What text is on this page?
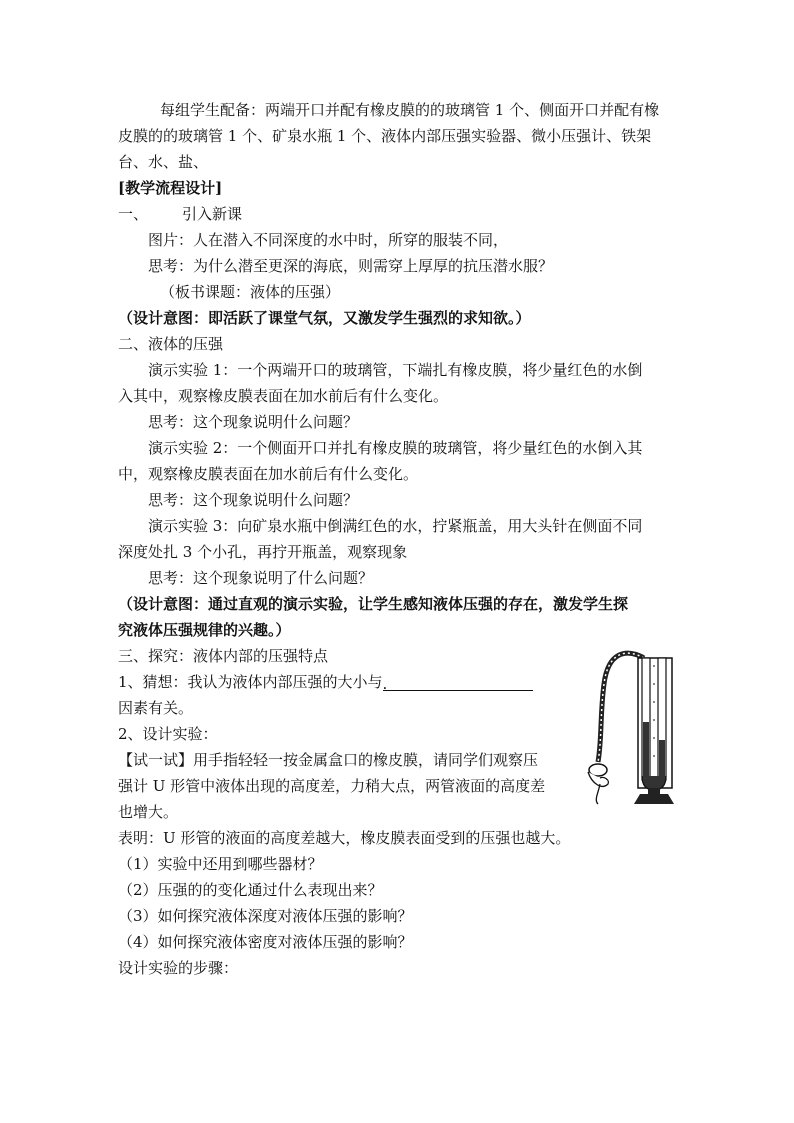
每组学生配备：两端开口并配有橡皮膜的的玻璃管 1 个、侧面开口并配有橡
皮膜的的玻璃管 1 个、矿泉水瓶 1 个、液体内部压强实验器、微小压强计、铁架
台、水、盐、
[教学流程设计]
一、 引入新课
图片：人在潜入不同深度的水中时，所穿的服装不同，
思考：为什么潜至更深的海底，则需穿上厚厚的抗压潜水服？
（板书课题：液体的压强）
（设计意图：即活跃了课堂气氛，又激发学生强烈的求知欲。）
二、液体的压强
演示实验 1：一个两端开口的玻璃管，下端扎有橡皮膜，将少量红色的水倒
入其中，观察橡皮膜表面在加水前后有什么变化。
思考：这个现象说明什么问题？
演示实验 2：一个侧面开口并扎有橡皮膜的玻璃管，将少量红色的水倒入其
中，观察橡皮膜表面在加水前后有什么变化。
思考：这个现象说明什么问题？
演示实验 3：向矿泉水瓶中倒满红色的水，拧紧瓶盖，用大头针在侧面不同
深度处扎 3 个小孔，再拧开瓶盖，观察现象
思考：这个现象说明了什么问题？
（设计意图：通过直观的演示实验，让学生感知液体压强的存在，激发学生探
究液体压强规律的兴趣。）
三、探究：液体内部的压强特点
1、猜想：我认为液体内部压强的大小与.
因素有关。
2、设计实验：
【试一试】用手指轻轻一按金属盒口的橡皮膜，请同学们观察压
强计 U 形管中液体出现的高度差，力稍大点，两管液面的高度差
也增大。
表明：U 形管的液面的高度差越大，橡皮膜表面受到的压强也越大。
（1）实验中还用到哪些器材？
（2）压强的的变化通过什么表现出来？
（3）如何探究液体深度对液体压强的影响？
（4）如何探究液体密度对液体压强的影响？
设计实验的步骤：
